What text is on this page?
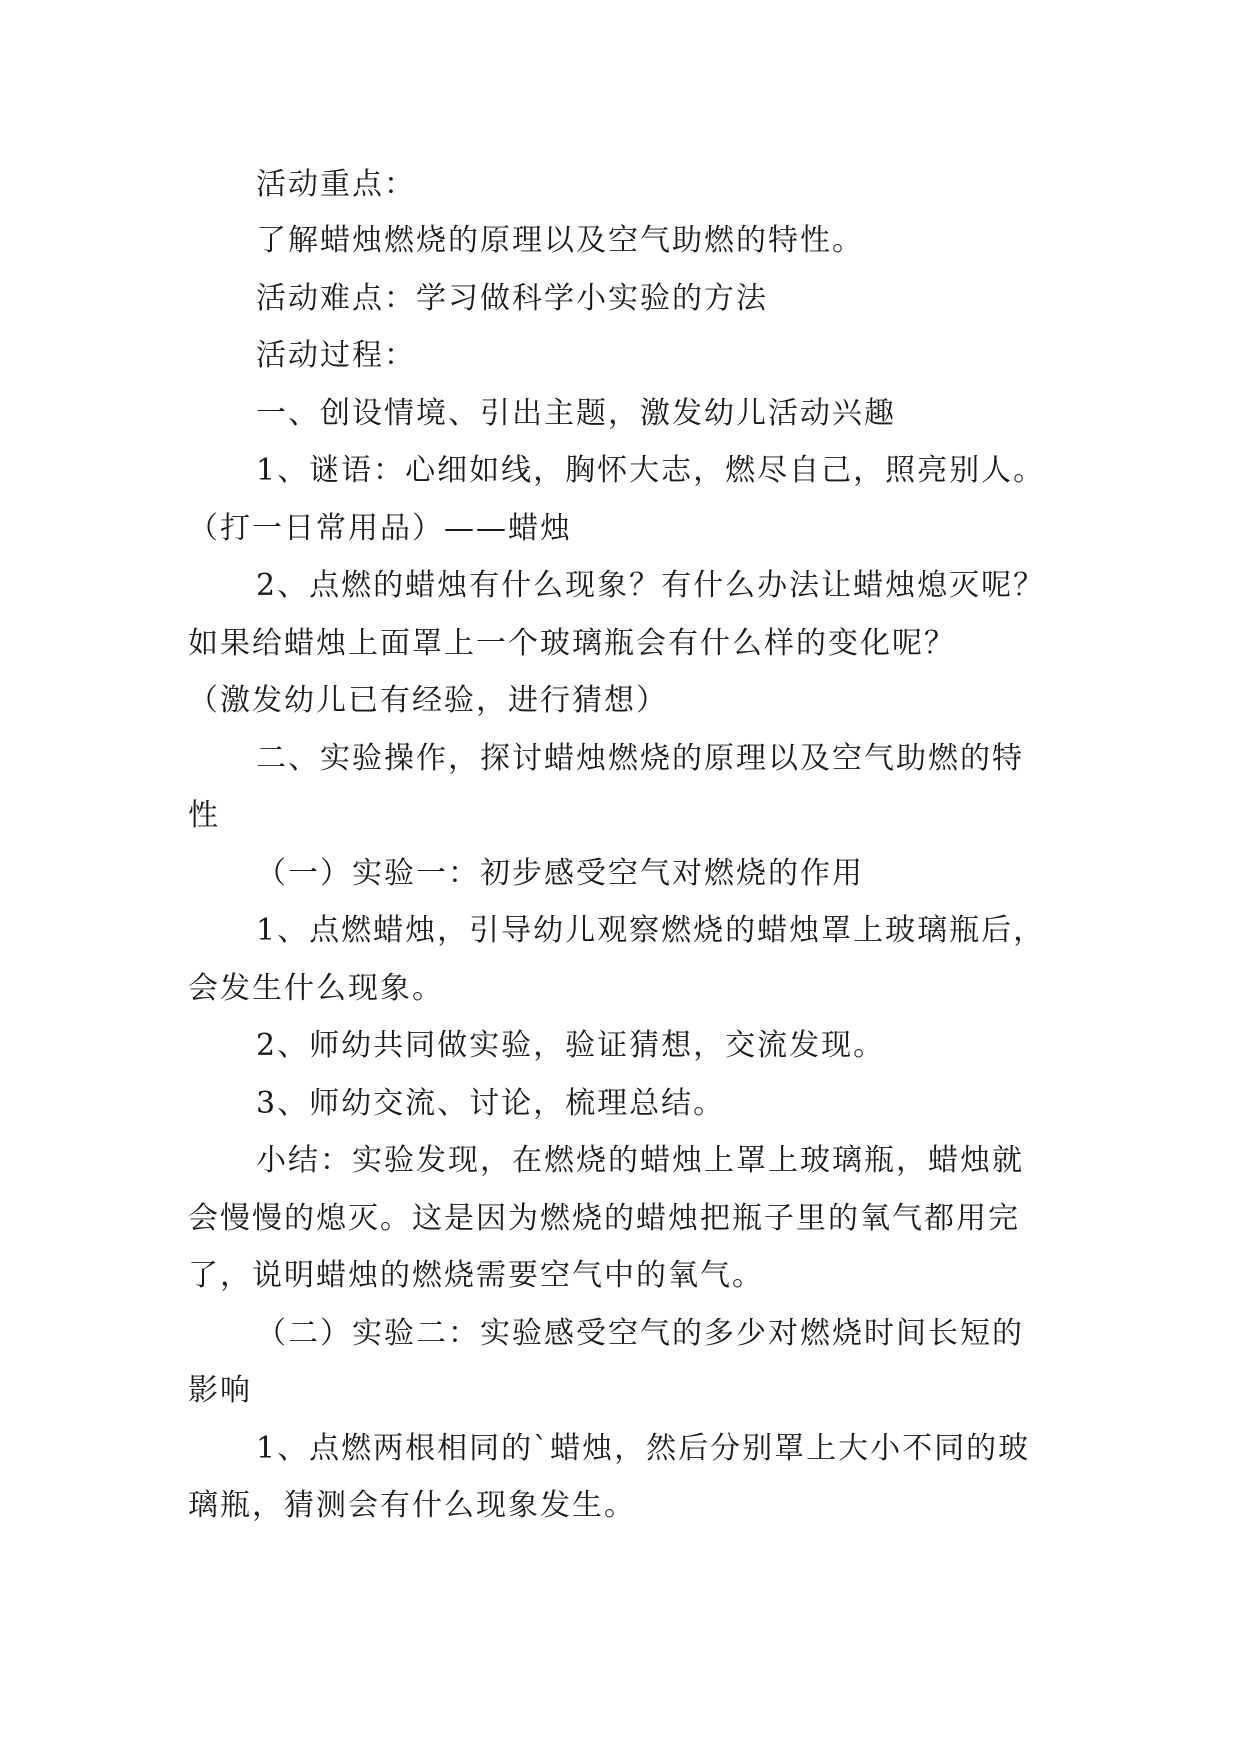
活动重点：
了解蜡烛燃烧的原理以及空气助燃的特性。
活动难点：学习做科学小实验的方法
活动过程：
一、创设情境、引出主题，激发幼儿活动兴趣
1、谜语：心细如线，胸怀大志，燃尽自己，照亮别人。
（打一日常用品）——蜡烛
2、点燃的蜡烛有什么现象？有什么办法让蜡烛熄灭呢？
如果给蜡烛上面罩上一个玻璃瓶会有什么样的变化呢？
（激发幼儿已有经验，进行猜想）
二、实验操作，探讨蜡烛燃烧的原理以及空气助燃的特
性
（一）实验一：初步感受空气对燃烧的作用
1、点燃蜡烛，引导幼儿观察燃烧的蜡烛罩上玻璃瓶后，
会发生什么现象。
2、师幼共同做实验，验证猜想，交流发现。
3、师幼交流、讨论，梳理总结。
小结：实验发现，在燃烧的蜡烛上罩上玻璃瓶，蜡烛就
会慢慢的熄灭。这是因为燃烧的蜡烛把瓶子里的氧气都用完
了，说明蜡烛的燃烧需要空气中的氧气。
（二）实验二：实验感受空气的多少对燃烧时间长短的
影响
1、点燃两根相同的`蜡烛，然后分别罩上大小不同的玻
璃瓶，猜测会有什么现象发生。
